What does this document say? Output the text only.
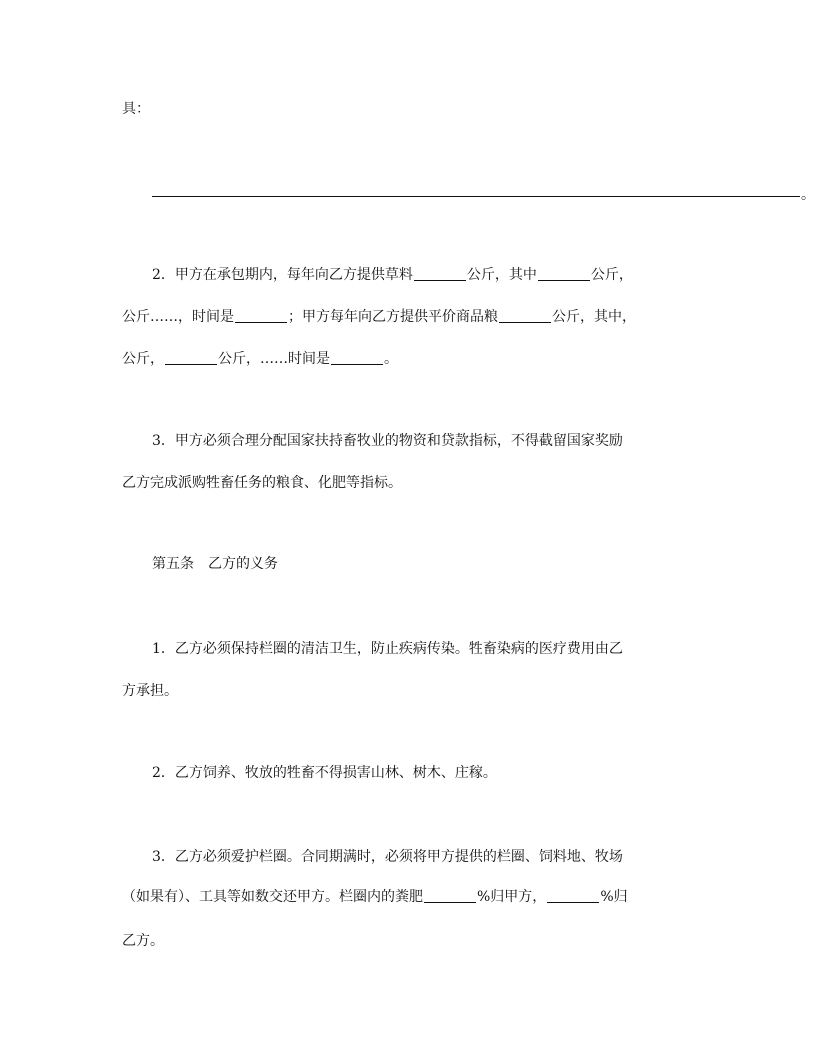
具：
。
2．甲方在承包期内，每年向乙方提供草料	公斤，其中	公斤，
公斤……，时间是	；甲方每年向乙方提供平价商品粮	公斤，其中，
公斤，	公斤，……时间是	。
3．甲方必须合理分配国家扶持畜牧业的物资和贷款指标，不得截留国家奖励
乙方完成派购牲畜任务的粮食、化肥等指标。
第五条　乙方的义务
1．乙方必须保持栏圈的清洁卫生，防止疾病传染。牲畜染病的医疗费用由乙
方承担。
2．乙方饲养、牧放的牲畜不得损害山林、树木、庄稼。
3．乙方必须爱护栏圈。合同期满时，必须将甲方提供的栏圈、饲料地、牧场
（如果有）、工具等如数交还甲方。栏圈内的粪肥	%归甲方，	%归
乙方。
